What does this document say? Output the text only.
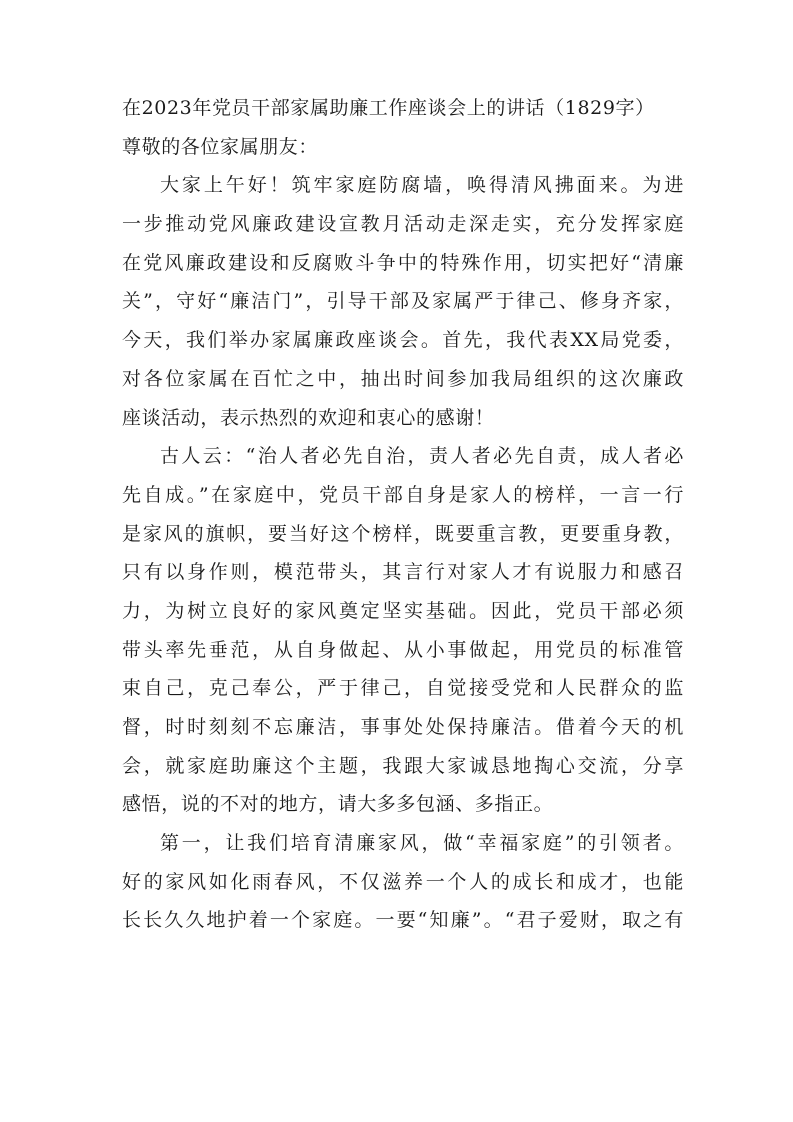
在2023年党员干部家属助廉工作座谈会上的讲话（1829字）

尊敬的各位家属朋友：

大家上午好！筑牢家庭防腐墙，唤得清风拂面来。为进

一步推动党风廉政建设宣教月活动走深走实，充分发挥家庭

在党风廉政建设和反腐败斗争中的特殊作用，切实把好“清廉

关”，守好“廉洁门”，引导干部及家属严于律己、修身齐家，

今天，我们举办家属廉政座谈会。首先，我代表XX局党委，

对各位家属在百忙之中，抽出时间参加我局组织的这次廉政

座谈活动，表示热烈的欢迎和衷心的感谢！

古人云：“治人者必先自治，责人者必先自责，成人者必

先自成。”在家庭中，党员干部自身是家人的榜样，一言一行

是家风的旗帜，要当好这个榜样，既要重言教，更要重身教，

只有以身作则，模范带头，其言行对家人才有说服力和感召

力，为树立良好的家风奠定坚实基础。因此，党员干部必须

带头率先垂范，从自身做起、从小事做起，用党员的标准管

束自己，克己奉公，严于律己，自觉接受党和人民群众的监

督，时时刻刻不忘廉洁，事事处处保持廉洁。借着今天的机

会，就家庭助廉这个主题，我跟大家诚恳地掏心交流，分享

感悟，说的不对的地方，请大多多包涵、多指正。

第一，让我们培育清廉家风，做“幸福家庭”的引领者。

好的家风如化雨春风，不仅滋养一个人的成长和成才，也能

长长久久地护着一个家庭。一要“知廉”。“君子爱财，取之有
